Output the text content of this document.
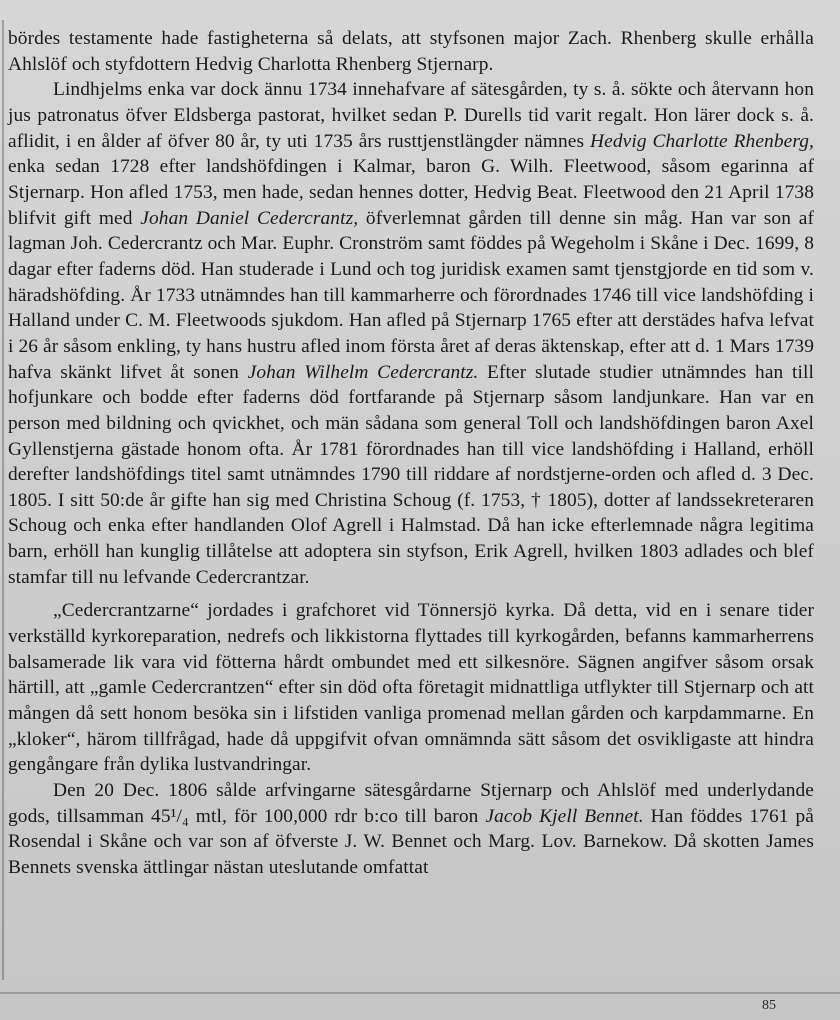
bördes testamente hade fastigheterna så delats, att styfsonen major Zach. Rhenberg skulle erhålla Ahlslöf och styfdottern Hedvig Charlotta Rhenberg Stjernarp.

Lindhjelms enka var dock ännu 1734 innehafvare af sätesgården, ty s. å. sökte och återvann hon jus patronatus öfver Eldsberga pastorat, hvilket sedan P. Durells tid varit regalt. Hon lärer dock s. å. aflidit, i en ålder af öfver 80 år, ty uti 1735 års rusttjenstlängder nämnes Hedvig Charlotte Rhenberg, enka sedan 1728 efter landshöfdingen i Kalmar, baron G. Wilh. Fleetwood, såsom egarinna af Stjernarp. Hon afled 1753, men hade, sedan hennes dotter, Hedvig Beat. Fleetwood den 21 April 1738 blifvit gift med Johan Daniel Cedercrantz, öfverlemnat gården till denne sin måg. Han var son af lagman Joh. Cedercrantz och Mar. Euphr. Cronström samt föddes på Wegeholm i Skåne i Dec. 1699, 8 dagar efter faderns död. Han studerade i Lund och tog juridisk examen samt tjenstgjorde en tid som v. häradshöfding. År 1733 utnämndes han till kammarherre och förordnades 1746 till vice landshöfding i Halland under C. M. Fleetwoods sjukdom. Han afled på Stjernarp 1765 efter att derstädes hafva lefvat i 26 år såsom enkling, ty hans hustru afled inom första året af deras äktenskap, efter att d. 1 Mars 1739 hafva skänkt lifvet åt sonen Johan Wilhelm Cedercrantz. Efter slutade studier utnämndes han till hofjunkare och bodde efter faderns död fortfarande på Stjernarp såsom landjunkare. Han var en person med bildning och qvickhet, och män sådana som general Toll och landshöfdingen baron Axel Gyllenstjerna gästade honom ofta. År 1781 förordnades han till vice landshöfding i Halland, erhöll derefter landshöfdings titel samt utnämndes 1790 till riddare af nordstjerne-orden och afled d. 3 Dec. 1805. I sitt 50:de år gifte han sig med Christina Schoug (f. 1753, † 1805), dotter af landssekreteraren Schoug och enka efter handlanden Olof Agrell i Halmstad. Då han icke efterlemnade några legitima barn, erhöll han kunglig tillåtelse att adoptera sin styfson, Erik Agrell, hvilken 1803 adlades och blef stamfar till nu lefvande Cedercrantzar.

„Cedercrantzarne“ jordades i grafchoret vid Tönnersjö kyrka. Då detta, vid en i senare tider verkställd kyrkoreparation, nedrefs och likkistorna flyttades till kyrkogården, befanns kammarherrens balsamerade lik vara vid fötterna hårdt ombundet med ett silkesnöre. Sägnen angifver såsom orsak härtill, att „gamle Cedercrantzen“ efter sin död ofta företagit midnattliga utflykter till Stjernarp och att mången då sett honom besöka sin i lifstiden vanliga promenad mellan gården och karpdammarne. En „kloker“, härom tillfrågad, hade då uppgifvit ofvan omnämnda sätt såsom det osvikligaste att hindra gengångare från dylika lustvandringar.

Den 20 Dec. 1806 sålde arfvingarne sätesgårdarne Stjernarp och Ahlslöf med underlydande gods, tillsamman 45¹/₄ mtl, för 100,000 rdr b:co till baron Jacob Kjell Bennet. Han föddes 1761 på Rosendal i Skåne och var son af öfverste J. W. Bennet och Marg. Lov. Barnekow. Då skotten James Bennets svenska ättlingar nästan uteslutande omfattat

85
